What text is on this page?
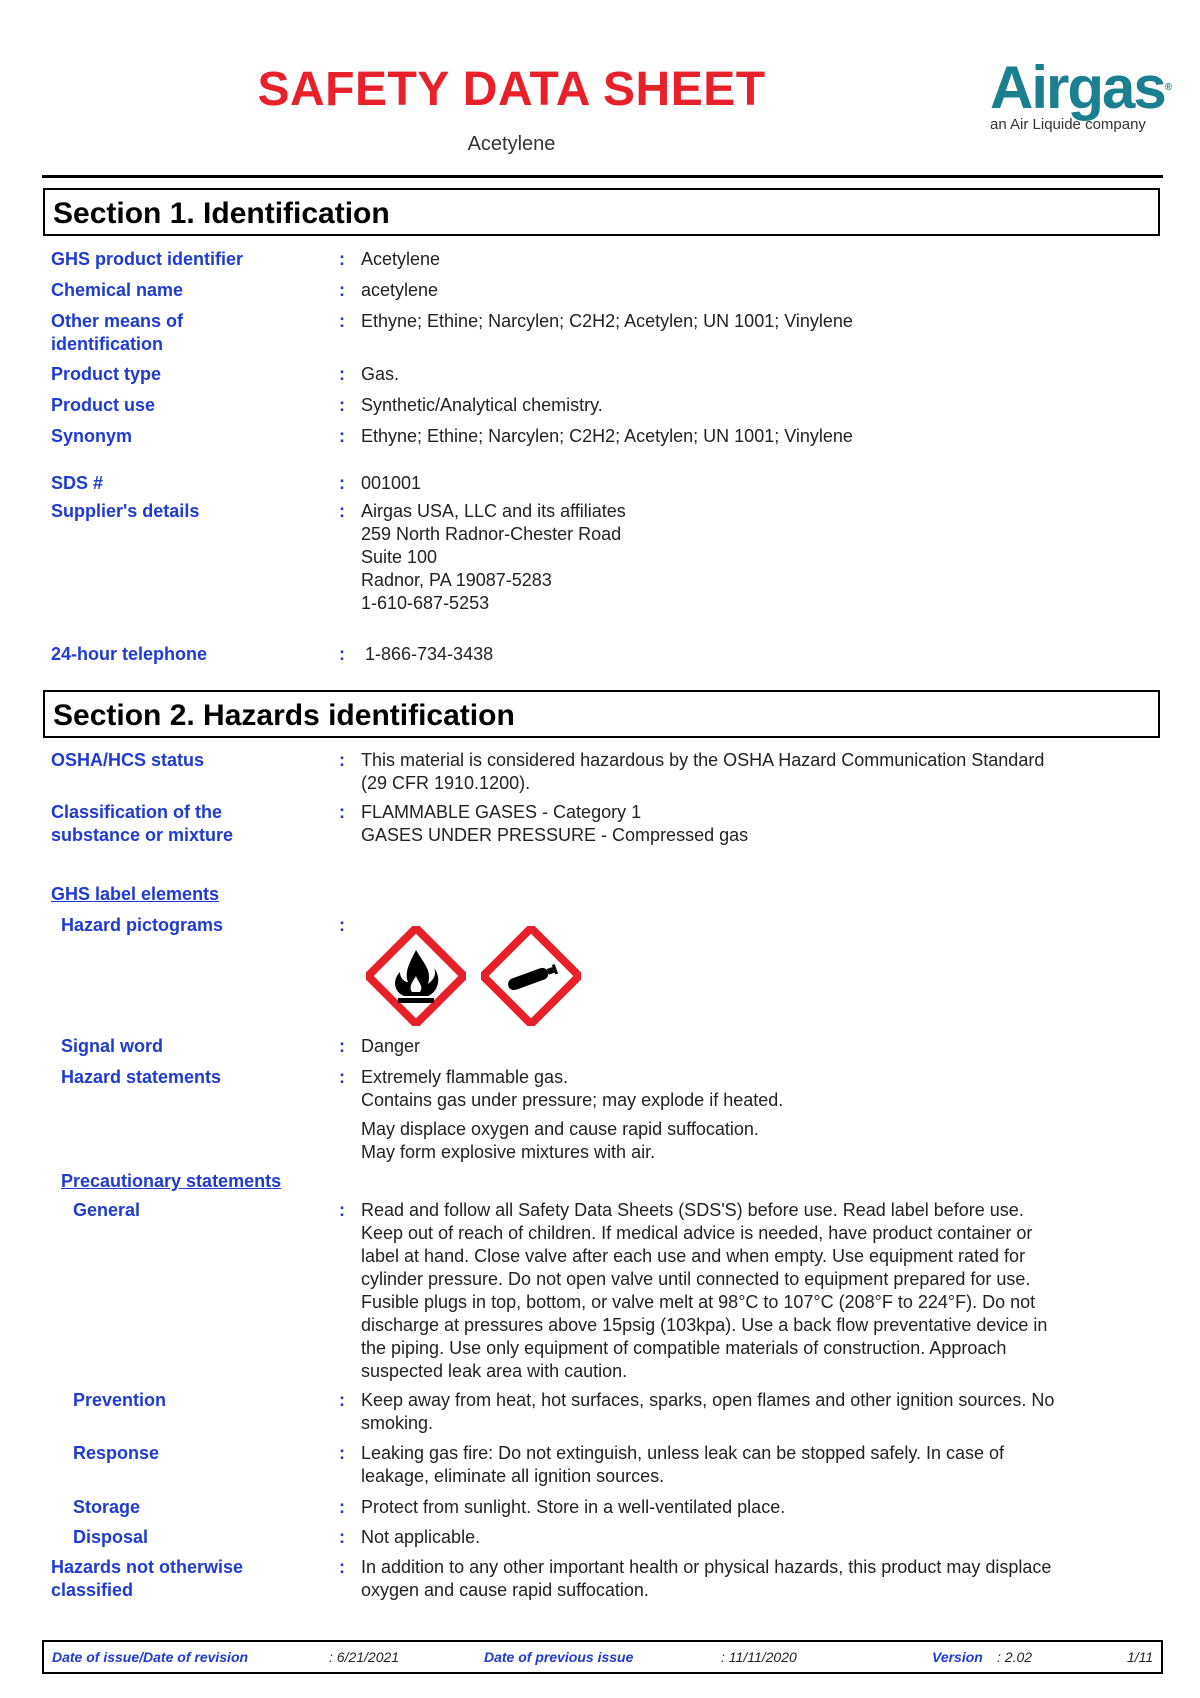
SAFETY DATA SHEET
Acetylene
Airgas®
an Air Liquide company
Section 1. Identification
GHS product identifier	: Acetylene
Chemical name	: acetylene
Other means of
identification
: Ethyne; Ethine; Narcylen; C2H2; Acetylen; UN 1001; Vinylene
Product type	: Gas.
Product use	: Synthetic/Analytical chemistry.
Synonym	: Ethyne; Ethine; Narcylen; C2H2; Acetylen; UN 1001; Vinylene
SDS #	: 001001
Supplier's details	: Airgas USA, LLC and its affiliates
259 North Radnor-Chester Road
Suite 100
Radnor, PA 19087-5283
1-610-687-5253
24-hour telephone	: 1-866-734-3438
Section 2. Hazards identification
OSHA/HCS status	: This material is considered hazardous by the OSHA Hazard Communication Standard
(29 CFR 1910.1200).
Classification of the
substance or mixture
: FLAMMABLE GASES - Category 1
GASES UNDER PRESSURE - Compressed gas
GHS label elements
Hazard pictograms	:
Signal word	: Danger
Hazard statements	: Extremely flammable gas.
Contains gas under pressure; may explode if heated.
May displace oxygen and cause rapid suffocation.
May form explosive mixtures with air.
Precautionary statements
General	: Read and follow all Safety Data Sheets (SDS'S) before use. Read label before use.
Keep out of reach of children. If medical advice is needed, have product container or
label at hand. Close valve after each use and when empty. Use equipment rated for
cylinder pressure. Do not open valve until connected to equipment prepared for use.
Fusible plugs in top, bottom, or valve melt at 98°C to 107°C (208°F to 224°F). Do not
discharge at pressures above 15psig (103kpa). Use a back flow preventative device in
the piping. Use only equipment of compatible materials of construction. Approach
suspected leak area with caution.
Prevention	: Keep away from heat, hot surfaces, sparks, open flames and other ignition sources. No
smoking.
Response	: Leaking gas fire: Do not extinguish, unless leak can be stopped safely. In case of
leakage, eliminate all ignition sources.
Storage	: Protect from sunlight. Store in a well-ventilated place.
Disposal	: Not applicable.
Hazards not otherwise
classified
: In addition to any other important health or physical hazards, this product may displace
oxygen and cause rapid suffocation.
Date of issue/Date of revision	: 6/21/2021	Date of previous issue	: 11/11/2020	Version : 2.02	1/11
